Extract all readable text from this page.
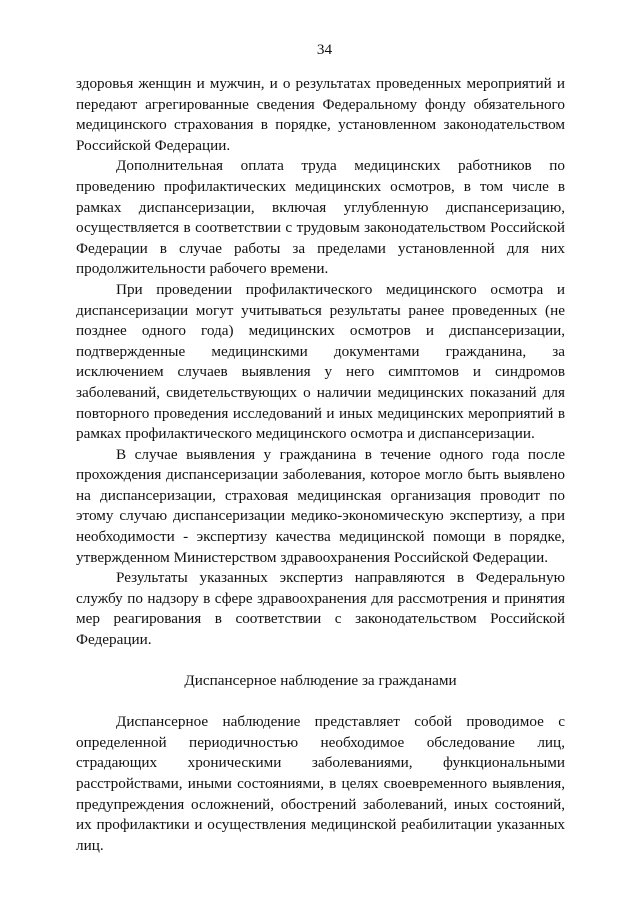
34

здоровья женщин и мужчин, и о результатах проведенных мероприятий и передают агрегированные сведения Федеральному фонду обязательного медицинского страхования в порядке, установленном законодательством Российской Федерации.

Дополнительная оплата труда медицинских работников по проведению профилактических медицинских осмотров, в том числе в рамках диспансеризации, включая углубленную диспансеризацию, осуществляется в соответствии с трудовым законодательством Российской Федерации в случае работы за пределами установленной для них продолжительности рабочего времени.

При проведении профилактического медицинского осмотра и диспансеризации могут учитываться результаты ранее проведенных (не позднее одного года) медицинских осмотров и диспансеризации, подтвержденные медицинскими документами гражданина, за исключением случаев выявления у него симптомов и синдромов заболеваний, свидетельствующих о наличии медицинских показаний для повторного проведения исследований и иных медицинских мероприятий в рамках профилактического медицинского осмотра и диспансеризации.

В случае выявления у гражданина в течение одного года после прохождения диспансеризации заболевания, которое могло быть выявлено на диспансеризации, страховая медицинская организация проводит по этому случаю диспансеризации медико-экономическую экспертизу, а при необходимости - экспертизу качества медицинской помощи в порядке, утвержденном Министерством здравоохранения Российской Федерации.

Результаты указанных экспертиз направляются в Федеральную службу по надзору в сфере здравоохранения для рассмотрения и принятия мер реагирования в соответствии с законодательством Российской Федерации.

Диспансерное наблюдение за гражданами

Диспансерное наблюдение представляет собой проводимое с определенной периодичностью необходимое обследование лиц, страдающих хроническими заболеваниями, функциональными расстройствами, иными состояниями, в целях своевременного выявления, предупреждения осложнений, обострений заболеваний, иных состояний, их профилактики и осуществления медицинской реабилитации указанных лиц.
